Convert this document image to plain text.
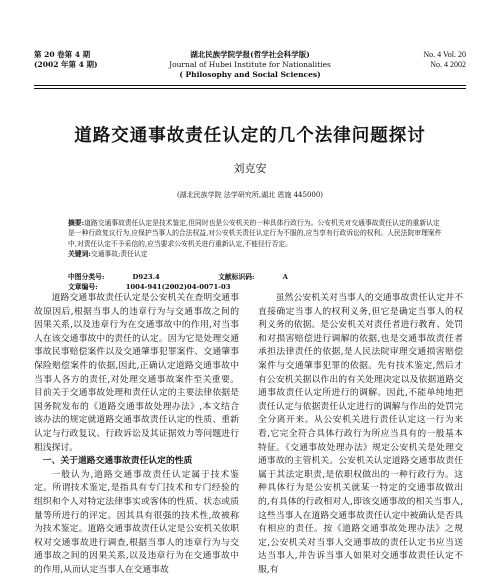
第 20 卷第 4 期
(2002 年第 4 期)
湖北民族学院学报(哲学社会科学版)
Journal of Hubei Institute for Nationalities
( Philosophy and Social Sciences)
No. 4 Vol. 20
No. 4 2002
道路交通事故责任认定的几个法律问题探讨
刘克安
(湖北民族学院 法学研究所,湖北 恩施 445000)
摘要:道路交通事故责任认定是技术鉴定,但同时也是公安机关的一种具体行政行为。公安机关对交通事故责任认定的重新认定是一种行政复议行为,应保护当事人的合法权益,对公安机关责任认定行为不服的,应当享有行政诉讼的权利。人民法院审理案件中,对责任认定不予采信的,应当要求公安机关进行重新认定,不能径行否定。
关键词:交通事故;责任认定
中图分类号:	D923.4	文献标识码:	A 文章编号:	1004-941(2002)04-0071-03

道路交通事故责任认定是公安机关在查明交通事故原因后,根据当事人的违章行为与交通事故之间的因果关系,以及违章行为在交通事故中的作用,对当事人在该交通事故中的责任的认定。因为它是处理交通事故民事赔偿案件以及交通肇事犯罪案件、交通肇事保险赔偿案件的依据,因此,正确认定道路交通事故中当事人各方的责任,对处理交通事故案件至关重要。目前关于交通事故处理和责任认定的主要法律依据是国务院发布的《道路交通事故处理办法》,本文结合该办法的规定就道路交通事故责任认定的性质、重新认定与行政复议、行政诉讼及其证据效力等问题进行粗浅探讨。

一、关于道路交通事故责任认定的性质

一般认为,道路交通事故责任认定属于技术鉴定。所谓技术鉴定,是指具有专门技术和专门经验的组织和个人对特定法律事实或客体的性质、状态或质量等所进行的评定。因其具有很强的技术性,故被称为技术鉴定。道路交通事故责任认定是公安机关依职权对交通事故进行调查,根据当事人的违章行为与交通事故之间的因果关系,以及违章行为在交通事故中的作用,从而认定当事人在交通事故

虽然公安机关对当事人的交通事故责任认定并不直接确定当事人的权利义务,但它是确定当事人的权利义务的依据。是公安机关对责任者进行教育、处罚和对损害赔偿进行调解的依据,也是交通事故责任者承担法律责任的依据,是人民法院审理交通损害赔偿案件与交通肇事犯罪的依据。先有技术鉴定,然后才有公安机关据以作出的有关处理决定以及依据道路交通事故责任认定所进行的调解。因此,不能单纯地把责任认定与依据责任认定进行的调解与作出的处罚完全分离开来。从公安机关进行责任认定这一行为来看,它完全符合具体行政行为所应当具有的一般基本特征。《交通事故处理办法》规定公安机关是处理交通事故的主管机关。公安机关认定道路交通事故责任属于其法定职责,是依职权做出的一种行政行为。这种具体行为是公安机关就某一特定的交通事故做出的,有具体的行政相对人,即该交通事故的相关当事人,这些当事人在道路交通事故责任认定中被确认是否具有相应的责任。按《道路交通事故处理办法》之规定,公安机关对当事人交通事故的责任认定书应当送达当事人,并告诉当事人如果对交通事故责任认定不服,有
